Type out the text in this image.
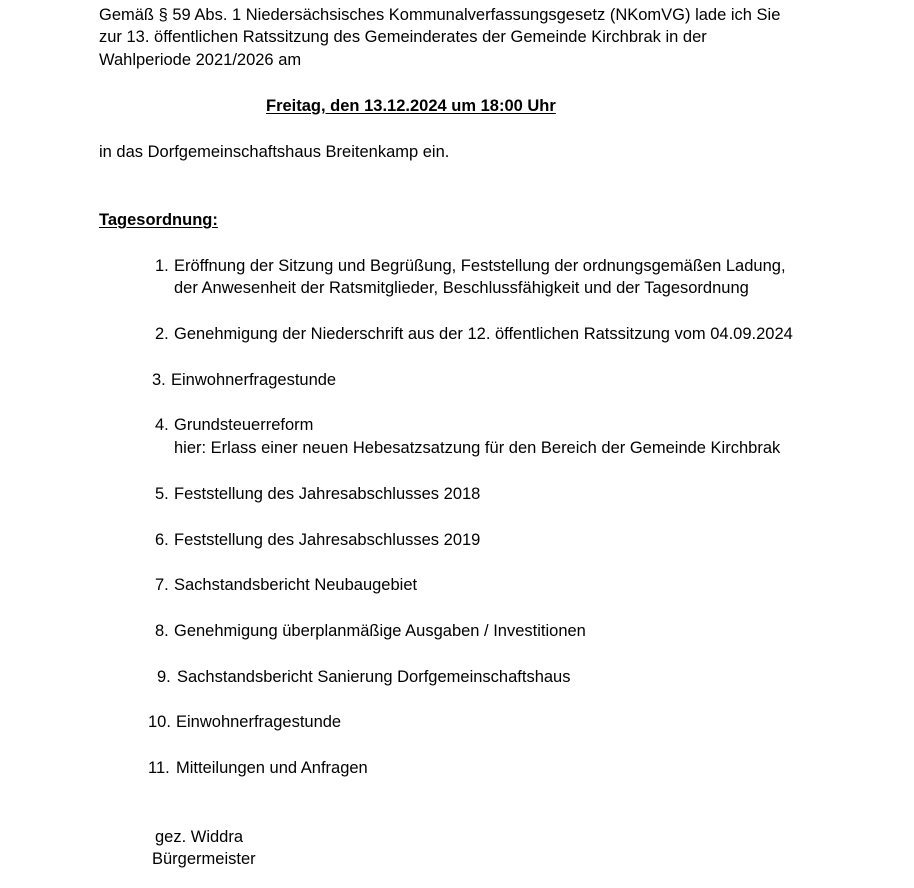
Gemäß § 59 Abs. 1 Niedersächsisches Kommunalverfassungsgesetz (NKomVG) lade ich Sie
zur 13. öffentlichen Ratssitzung des Gemeinderates der Gemeinde Kirchbrak in der
Wahlperiode 2021/2026 am
Freitag, den 13.12.2024 um 18:00 Uhr
in das Dorfgemeinschaftshaus Breitenkamp ein.
Tagesordnung:
1. Eröffnung der Sitzung und Begrüßung, Feststellung der ordnungsgemäßen Ladung,
der Anwesenheit der Ratsmitglieder, Beschlussfähigkeit und der Tagesordnung
2. Genehmigung der Niederschrift aus der 12. öffentlichen Ratssitzung vom 04.09.2024
3. Einwohnerfragestunde
4. Grundsteuerreform
hier: Erlass einer neuen Hebesatzsatzung für den Bereich der Gemeinde Kirchbrak
5. Feststellung des Jahresabschlusses 2018
6. Feststellung des Jahresabschlusses 2019
7. Sachstandsbericht Neubaugebiet
8. Genehmigung überplanmäßige Ausgaben / Investitionen
9. Sachstandsbericht Sanierung Dorfgemeinschaftshaus
10. Einwohnerfragestunde
11. Mitteilungen und Anfragen
gez. Widdra
Bürgermeister
